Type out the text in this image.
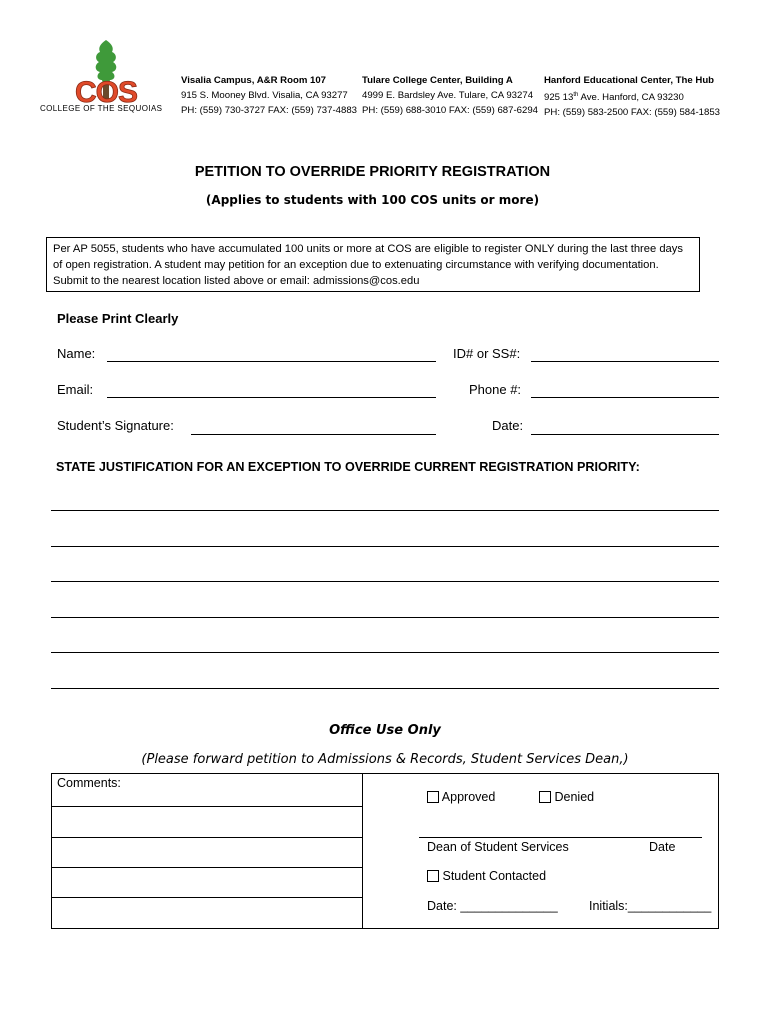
COS
COLLEGE OF THE SEQUOIAS
Visalia Campus, A&R Room 107
915 S. Mooney Blvd. Visalia, CA 93277
PH: (559) 730-3727 FAX: (559) 737-4883
Tulare College Center, Building A
4999 E. Bardsley Ave. Tulare, CA 93274
PH: (559) 688-3010 FAX: (559) 687-6294
Hanford Educational Center, The Hub
925 13th Ave. Hanford, CA 93230
PH: (559) 583-2500 FAX: (559) 584-1853
PETITION TO OVERRIDE PRIORITY REGISTRATION
(Applies to students with 100 COS units or more)
Per AP 5055, students who have accumulated 100 units or more at COS are eligible to register ONLY during the last three days of open registration. A student may petition for an exception due to extenuating circumstance with verifying documentation. Submit to the nearest location listed above or email: admissions@cos.edu
Please Print Clearly
Name:	ID# or SS#:
Email:	Phone #:
Student’s Signature:	Date:
STATE JUSTIFICATION FOR AN EXCEPTION TO OVERRIDE CURRENT REGISTRATION PRIORITY:
Office Use Only
(Please forward petition to Admissions & Records, Student Services Dean,)
Comments:
Approved	Denied
Dean of Student Services	Date
Student Contacted
Date: ______________	Initials:____________
